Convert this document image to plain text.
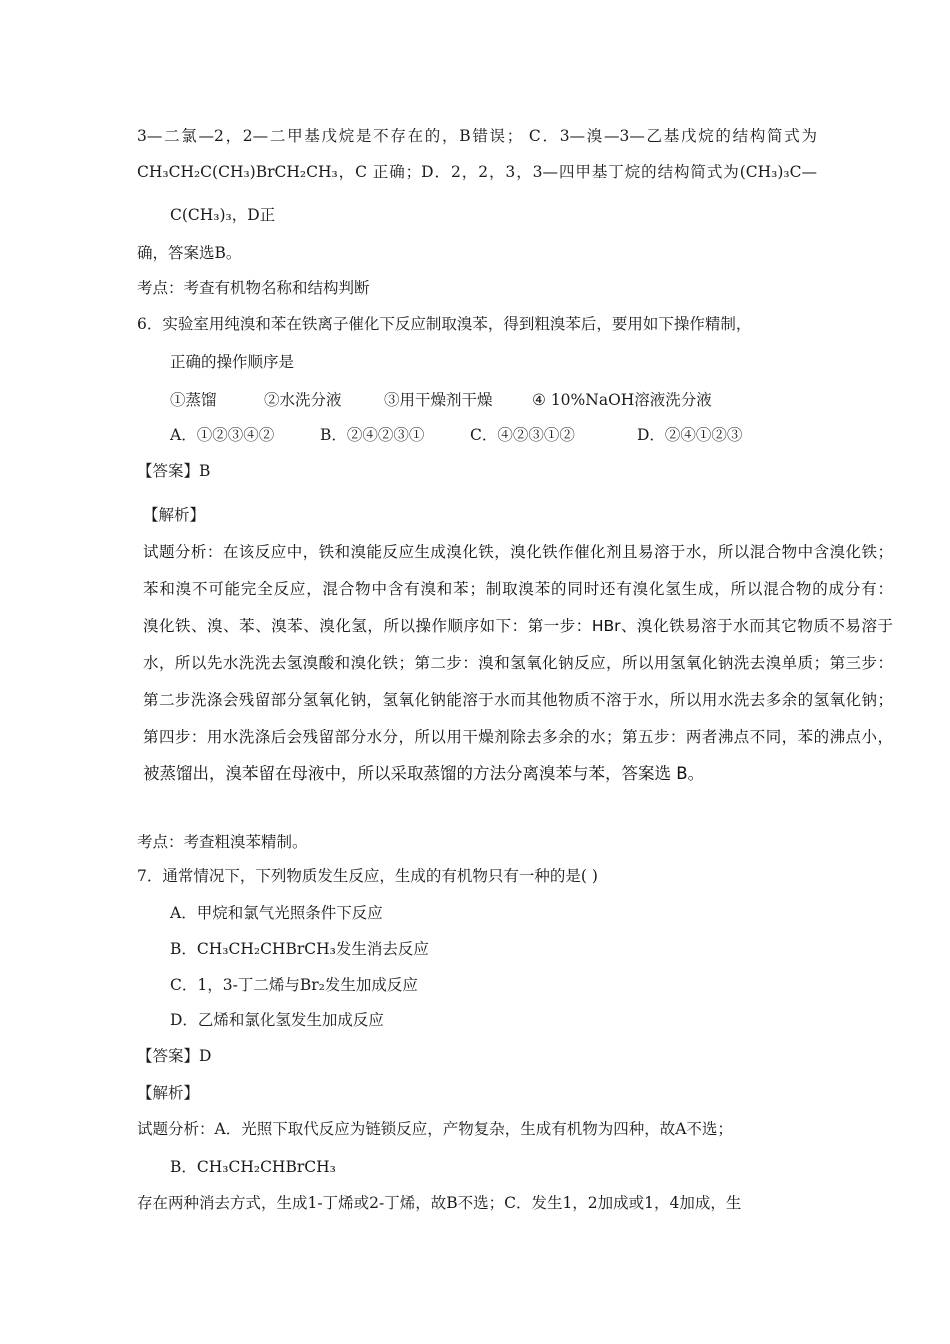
3—二氯—2，2—二甲基戊烷是不存在的，B错误； C．3—溴—3—乙基戊烷的结构简式为
CH₃CH₂C(CH₃)BrCH₂CH₃，C 正确；D．2，2，3，3—四甲基丁烷的结构简式为(CH₃)₃C—
C(CH₃)₃，D正
确，答案选B。
考点：考查有机物名称和结构判断
6．实验室用纯溴和苯在铁离子催化下反应制取溴苯，得到粗溴苯后，要用如下操作精制，
正确的操作顺序是
①蒸馏	②水洗分液	③用干燥剂干燥	④ 10%NaOH溶液洗分液
A．①②③④②	B．②④②③①	C．④②③①②	D．②④①②③
【答案】B
【解析】
试题分析：在该反应中，铁和溴能反应生成溴化铁，溴化铁作催化剂且易溶于水，所以混合物中含溴化铁；
苯和溴不可能完全反应，混合物中含有溴和苯；制取溴苯的同时还有溴化氢生成，所以混合物的成分有：
溴化铁、溴、苯、溴苯、溴化氢，所以操作顺序如下：第一步：HBr、溴化铁易溶于水而其它物质不易溶于
水，所以先水洗洗去氢溴酸和溴化铁；第二步：溴和氢氧化钠反应，所以用氢氧化钠洗去溴单质；第三步：
第二步洗涤会残留部分氢氧化钠，氢氧化钠能溶于水而其他物质不溶于水，所以用水洗去多余的氢氧化钠；
第四步：用水洗涤后会残留部分水分，所以用干燥剂除去多余的水；第五步：两者沸点不同，苯的沸点小，
被蒸馏出，溴苯留在母液中，所以采取蒸馏的方法分离溴苯与苯，答案选 B。
考点：考查粗溴苯精制。
7．通常情况下，下列物质发生反应，生成的有机物只有一种的是( )
A．甲烷和氯气光照条件下反应
B．CH₃CH₂CHBrCH₃发生消去反应
C．1，3-丁二烯与Br₂发生加成反应
D．乙烯和氯化氢发生加成反应
【答案】D
【解析】
试题分析：A．光照下取代反应为链锁反应，产物复杂，生成有机物为四种，故A不选；
B．CH₃CH₂CHBrCH₃
存在两种消去方式，生成1-丁烯或2-丁烯，故B不选；C．发生1，2加成或1，4加成，生
